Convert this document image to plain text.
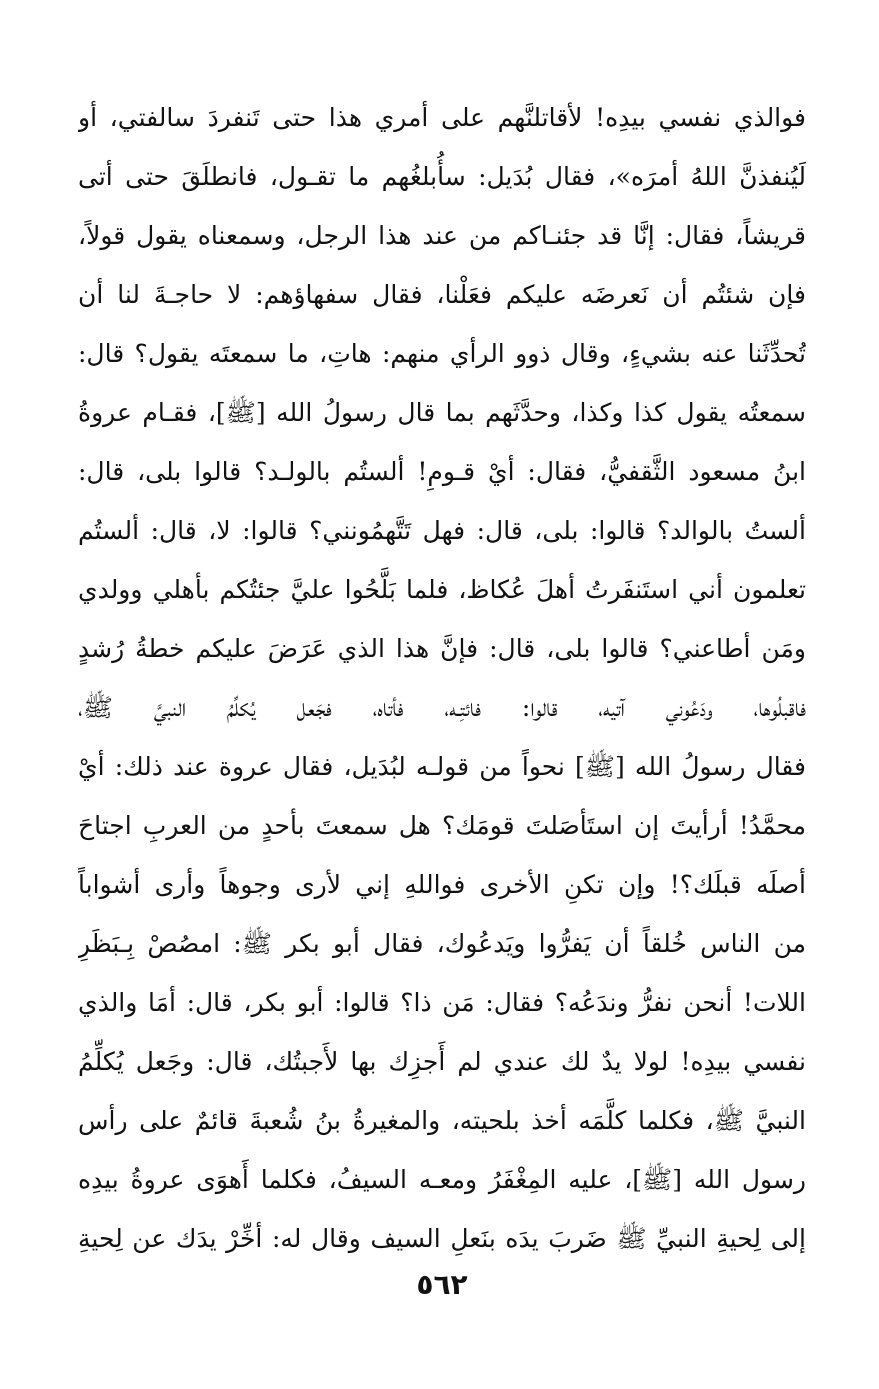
فوالذي نفسي بيدِه! لأقاتلنَّهم على أمري هذا حتى تَنفردَ سالفتي، أو
لَيُنفذنَّ اللهُ أمرَه»، فقال بُدَيل: سأُبلغُهم ما تقـول، فانطلَقَ حتى أتى
قريشاً، فقال: إنَّا قد جئنـاكم من عند هذا الرجل، وسمعناه يقول قولاً،
فإن شئتُم أن نَعرضَه عليكم فعَلْنا، فقال سفهاؤهم: لا حاجـةَ لنا أن
تُحدِّثَنا عنه بشيءٍ، وقال ذوو الرأي منهم: هاتِ، ما سمعتَه يقول؟ قال:
سمعتُه يقول كذا وكذا، وحدَّثَهم بما قال رسولُ الله [ﷺ]، فقـام عروةُ
ابنُ مسعود الثَّقفيُّ، فقال: أيْ قـومِ! ألستُم بالولـد؟ قالوا بلى، قال:
ألستُ بالوالد؟ قالوا: بلى، قال: فهل تَتَّهمُونني؟ قالوا: لا، قال: ألستُم
تعلمون أني استَنفَرتُ أهلَ عُكاظ، فلما بَلَّحُوا عليَّ جئتُكم بأهلي وولدي
ومَن أطاعني؟ قالوا بلى، قال: فإنَّ هذا الذي عَرَضَ عليكم خطةُ رُشدٍ
فاقبلُوها، ودَعُوني آتيه، قالوا: فائتِـه، فأتاه، فجَعل يُكلِّمُ النبيَّ ﷺ،
فقال رسولُ الله [ﷺ] نحواً من قولـه لبُدَيل، فقال عروة عند ذلك: أيْ
محمَّدُ! أرأيتَ إن استَأصَلتَ قومَك؟ هل سمعتَ بأحدٍ من العربِ اجتاحَ
أصلَه قبلَك؟! وإن تكنِ الأخرى فواللهِ إني لأرى وجوهاً وأرى أشواباً
من الناس خُلقاً أن يَفرُّوا ويَدعُوك، فقال أبو بكر ﷺ: امصُصْ بِـبَظَرِ
اللات! أنحن نفرُّ وندَعُه؟ فقال: مَن ذا؟ قالوا: أبو بكر، قال: أمَا والذي
نفسي بيدِه! لولا يدٌ لك عندي لم أَجزِك بها لأَجبتُك، قال: وجَعل يُكلِّمُ
النبيَّ ﷺ، فكلما كلَّمَه أخذ بلحيته، والمغيرةُ بنُ شُعبةَ قائمٌ على رأس
رسول الله [ﷺ]، عليه المِغْفَرُ ومعـه السيفُ، فكلما أَهوَى عروةُ بيدِه
إلى لِحيةِ النبيِّ ﷺ ضَربَ يدَه بنَعلِ السيف وقال له: أخِّرْ يدَك عن لِحيةِ
٥٦٢
